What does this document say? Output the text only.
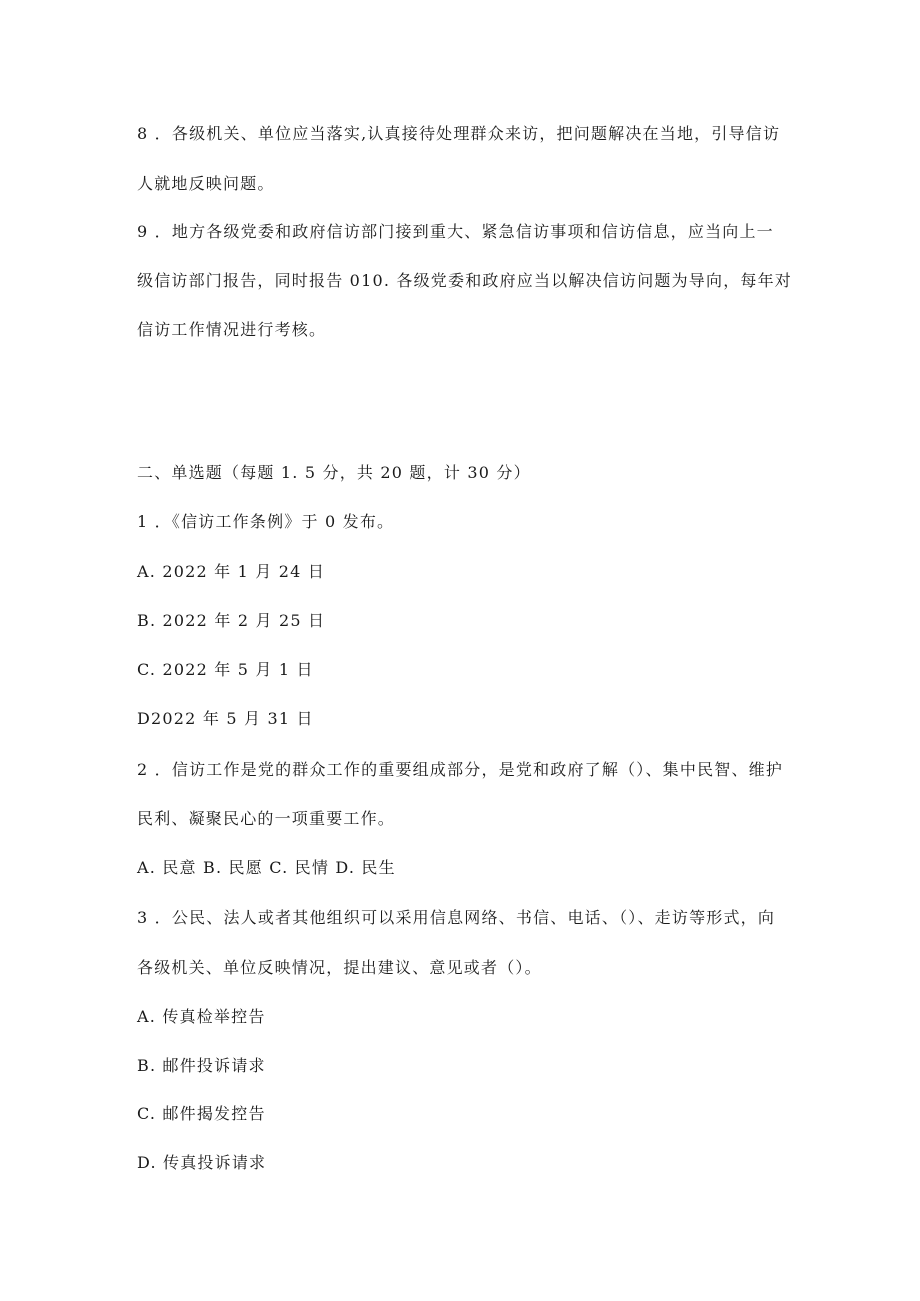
8 ．各级机关、单位应当落实,认真接待处理群众来访，把问题解决在当地，引导信访
人就地反映问题。
9 ．地方各级党委和政府信访部门接到重大、紧急信访事项和信访信息，应当向上一
级信访部门报告，同时报告 010. 各级党委和政府应当以解决信访问题为导向，每年对
信访工作情况进行考核。
二、单选题（每题 1. 5 分，共 20 题，计 30 分）
1 ．《信访工作条例》于 0 发布。
A. 2022 年 1 月 24 日
B. 2022 年 2 月 25 日
C. 2022 年 5 月 1 日
D2022 年 5 月 31 日
2 ．信访工作是党的群众工作的重要组成部分，是党和政府了解（）、集中民智、维护
民利、凝聚民心的一项重要工作。
A. 民意 B. 民愿 C. 民情 D. 民生
3 ．公民、法人或者其他组织可以采用信息网络、书信、电话、（）、走访等形式，向
各级机关、单位反映情况，提出建议、意见或者（）。
A. 传真检举控告
B. 邮件投诉请求
C. 邮件揭发控告
D. 传真投诉请求
